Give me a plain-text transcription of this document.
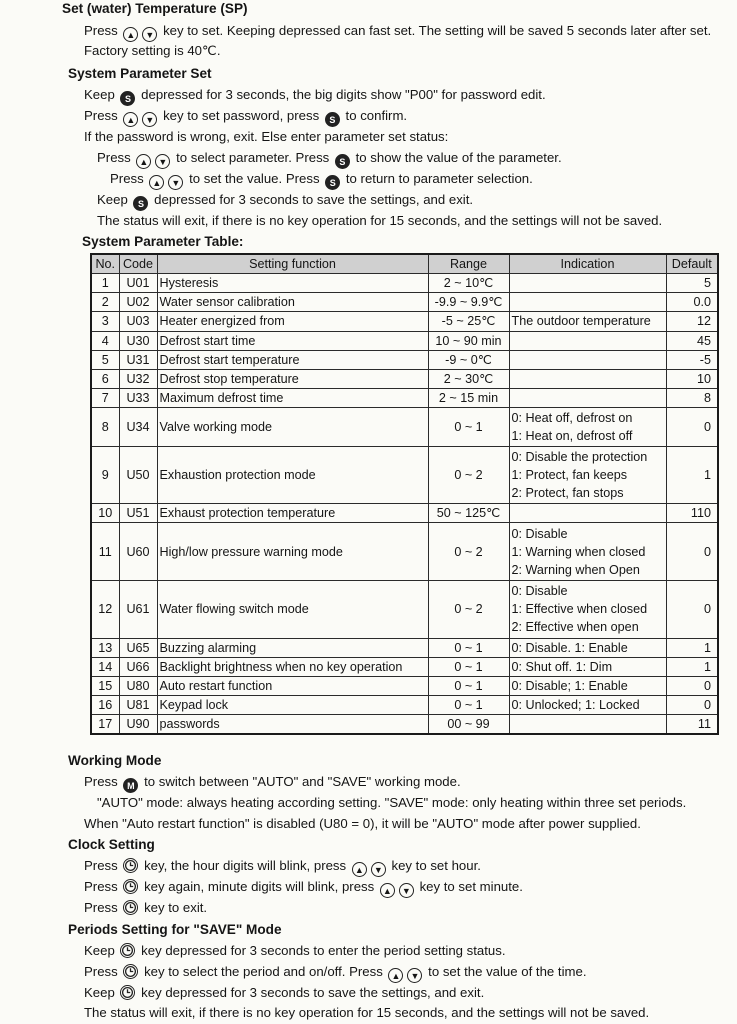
Set (water) Temperature (SP)
Press ▲ ▼ key to set. Keeping depressed can fast set. The setting will be saved 5 seconds later after set.
Factory setting is 40℃.
System Parameter Set
Keep S depressed for 3 seconds, the big digits show "P00" for password edit.
Press ▲ ▼ key to set password, press S to confirm.
If the password is wrong, exit. Else enter parameter set status:
Press ▲ ▼ to select parameter. Press S to show the value of the parameter.
Press ▲ ▼ to set the value. Press S to return to parameter selection.
Keep S depressed for 3 seconds to save the settings, and exit.
The status will exit, if there is no key operation for 15 seconds, and the settings will not be saved.
System Parameter Table:
No.	Code	Setting function	Range	Indication	Default
1	U01	Hysteresis	2 ~ 10℃		5
2	U02	Water sensor calibration	-9.9 ~ 9.9℃		0.0
3	U03	Heater energized from	-5 ~ 25℃	The outdoor temperature	12
4	U30	Defrost start time	10 ~ 90 min		45
5	U31	Defrost start temperature	-9 ~ 0℃		-5
6	U32	Defrost stop temperature	2 ~ 30℃		10
7	U33	Maximum defrost time	2 ~ 15 min		8
8	U34	Valve working mode	0 ~ 1	0: Heat off, defrost on
1: Heat on, defrost off	0
9	U50	Exhaustion protection mode	0 ~ 2	0: Disable the protection
1: Protect, fan keeps
2: Protect, fan stops	1
10	U51	Exhaust protection temperature	50 ~ 125℃		110
11	U60	High/low pressure warning mode	0 ~ 2	0: Disable
1: Warning when closed
2: Warning when Open	0
12	U61	Water flowing switch mode	0 ~ 2	0: Disable
1: Effective when closed
2: Effective when open	0
13	U65	Buzzing alarming	0 ~ 1	0: Disable. 1: Enable	1
14	U66	Backlight brightness when no key operation	0 ~ 1	0: Shut off. 1: Dim	1
15	U80	Auto restart function	0 ~ 1	0: Disable; 1: Enable	0
16	U81	Keypad lock	0 ~ 1	0: Unlocked; 1: Locked	0
17	U90	passwords	00 ~ 99		11
Working Mode
Press M to switch between "AUTO" and "SAVE" working mode.
"AUTO" mode: always heating according setting. "SAVE" mode: only heating within three set periods.
When "Auto restart function" is disabled (U80 = 0), it will be "AUTO" mode after power supplied.
Clock Setting
Press key, the hour digits will blink, press ▲ ▼ key to set hour.
Press key again, minute digits will blink, press ▲ ▼ key to set minute.
Press key to exit.
Periods Setting for "SAVE" Mode
Keep key depressed for 3 seconds to enter the period setting status.
Press key to select the period and on/off. Press ▲ ▼ to set the value of the time.
Keep key depressed for 3 seconds to save the settings, and exit.
The status will exit, if there is no key operation for 15 seconds, and the settings will not be saved.
